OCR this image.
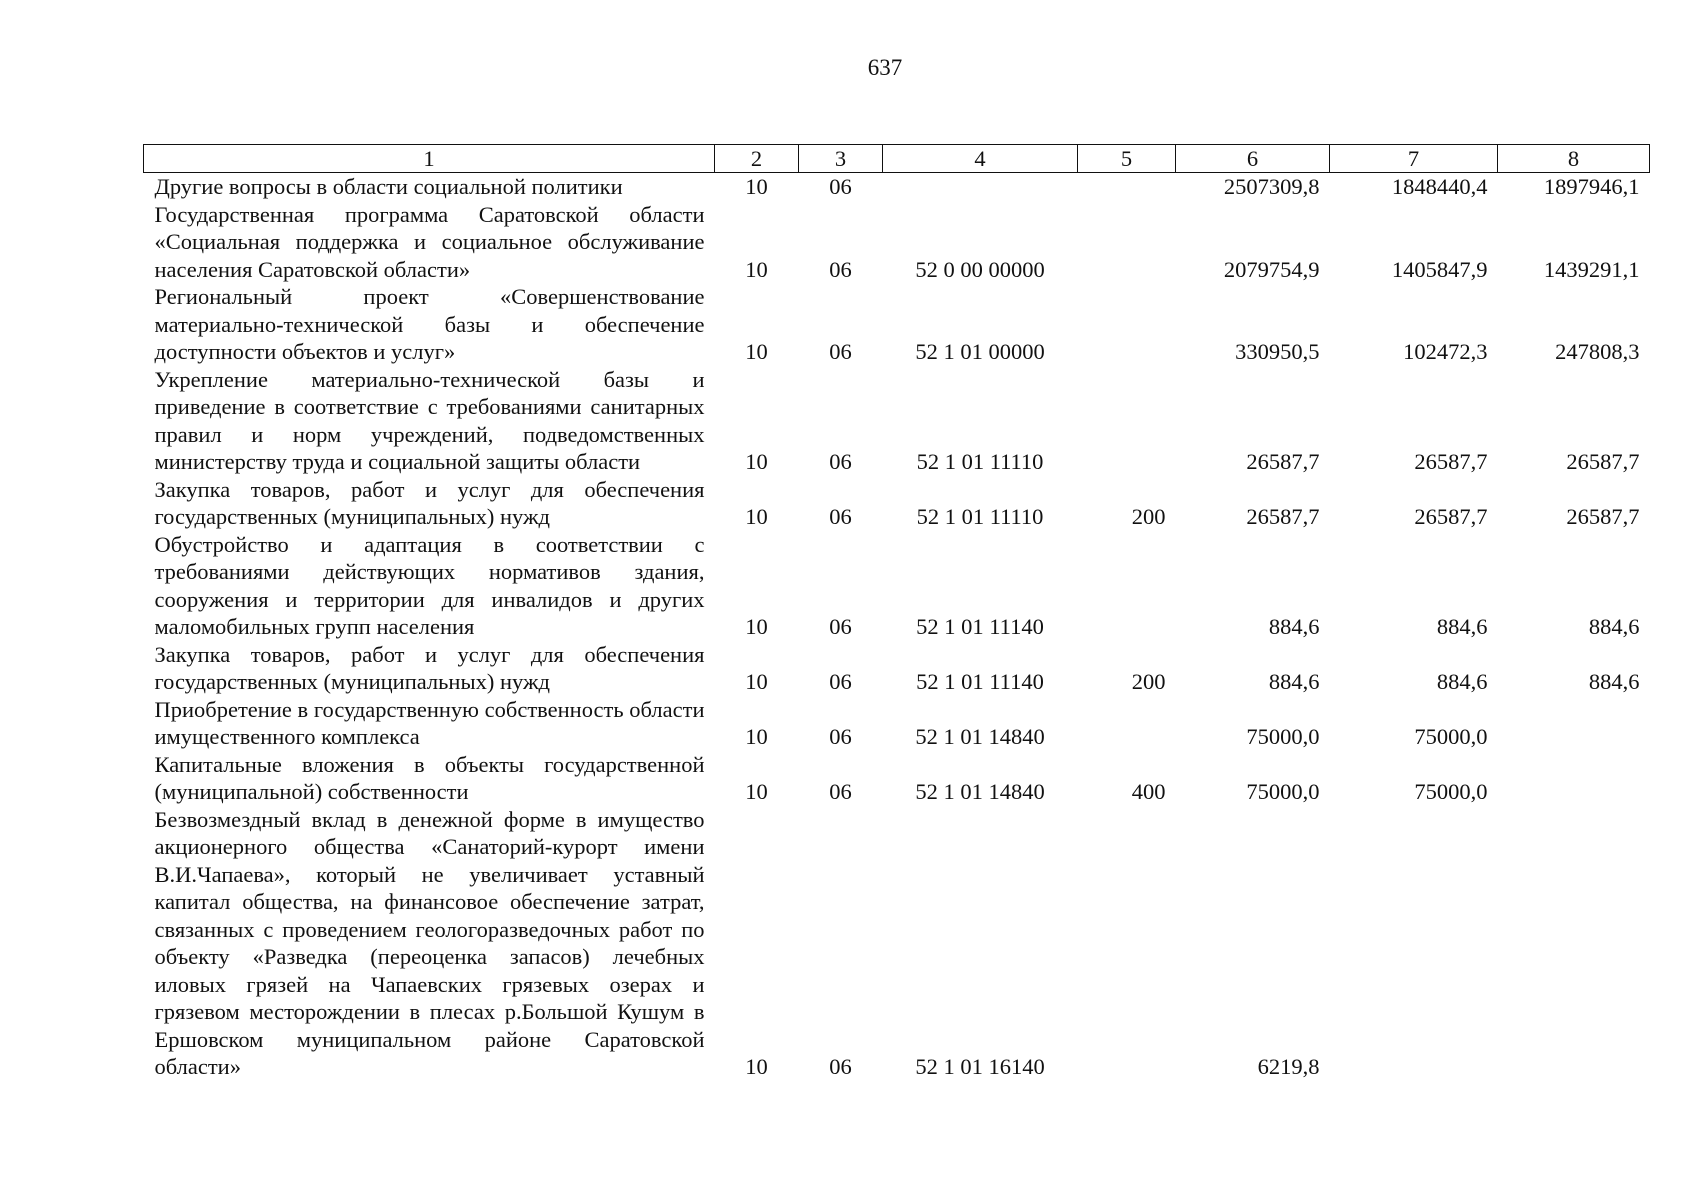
637
1	2	3	4	5	6	7	8
Другие вопросы в области социальной политики	10	06			2507309,8	1848440,4	1897946,1
Государственная программа Саратовской области «Социальная поддержка и социальное обслуживание населения Саратовской области»	10	06	52 0 00 00000		2079754,9	1405847,9	1439291,1
Региональный проект «Совершенствование материально-технической базы и обеспечение доступности объектов и услуг»	10	06	52 1 01 00000		330950,5	102472,3	247808,3
Укрепление материально-технической базы и приведение в соответствие с требованиями санитарных правил и норм учреждений, подведомственных министерству труда и социальной защиты области	10	06	52 1 01 11110		26587,7	26587,7	26587,7
Закупка товаров, работ и услуг для обеспечения государственных (муниципальных) нужд	10	06	52 1 01 11110	200	26587,7	26587,7	26587,7
Обустройство и адаптация в соответствии с требованиями действующих нормативов здания, сооружения и территории для инвалидов и других маломобильных групп населения	10	06	52 1 01 11140		884,6	884,6	884,6
Закупка товаров, работ и услуг для обеспечения государственных (муниципальных) нужд	10	06	52 1 01 11140	200	884,6	884,6	884,6
Приобретение в государственную собственность области имущественного комплекса	10	06	52 1 01 14840		75000,0	75000,0	
Капитальные вложения в объекты государственной (муниципальной) собственности	10	06	52 1 01 14840	400	75000,0	75000,0	
Безвозмездный вклад в денежной форме в имущество акционерного общества «Санаторий-курорт имени В.И.Чапаева», который не увеличивает уставный капитал общества, на финансовое обеспечение затрат, связанных с проведением геологоразведочных работ по объекту «Разведка (переоценка запасов) лечебных иловых грязей на Чапаевских грязевых озерах и грязевом месторождении в плесах р.Большой Кушум в Ершовском муниципальном районе Саратовской области»	10	06	52 1 01 16140		6219,8		
